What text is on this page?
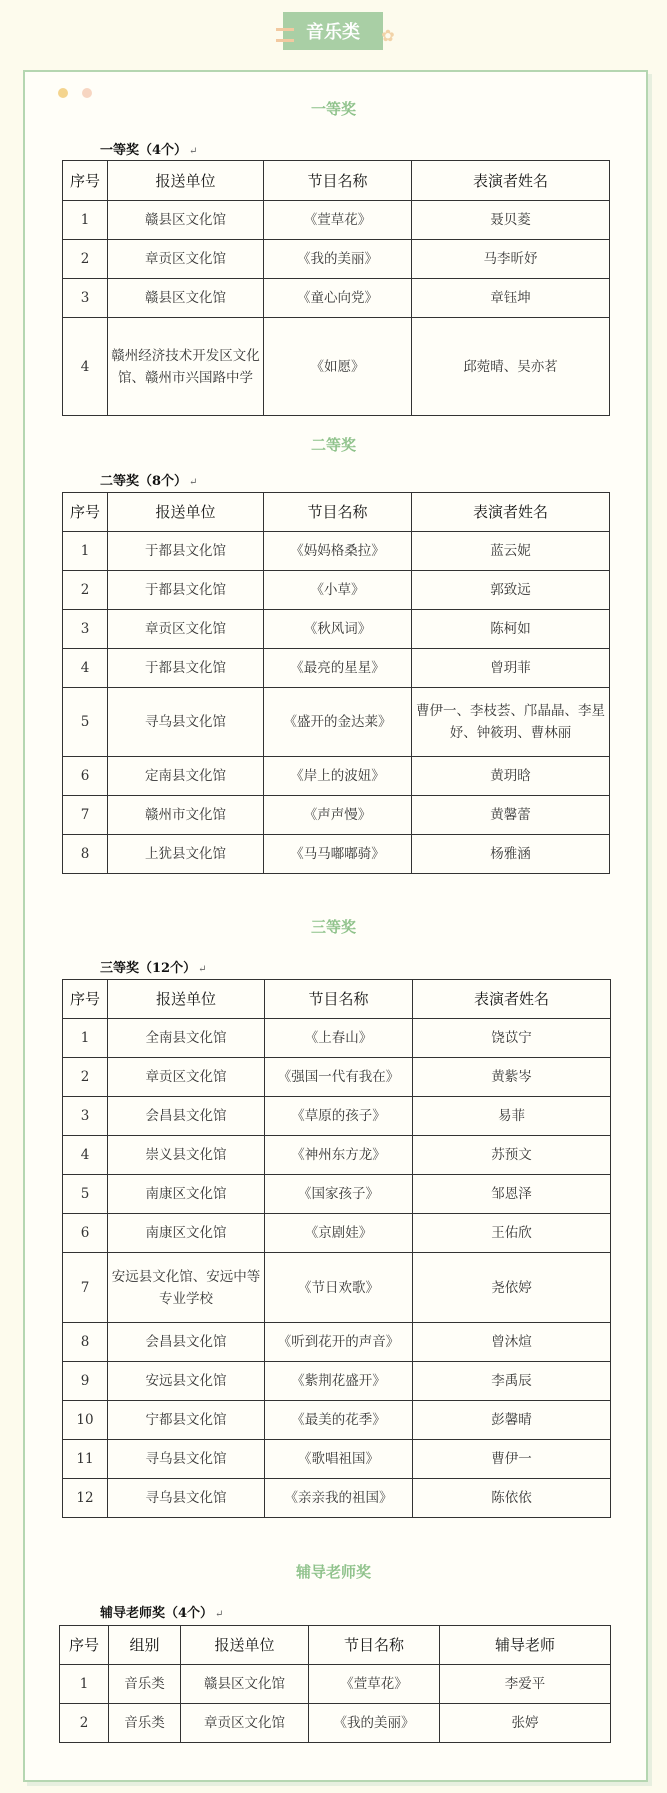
音乐类 ✿
一等奖
一等奖（4个） ↵
序号	报送单位	节目名称	表演者姓名
1	赣县区文化馆	《萱草花》	聂贝菱
2	章贡区文化馆	《我的美丽》	马李昕妤
3	赣县区文化馆	《童心向党》	章钰坤
4	赣州经济技术开发区文化馆、赣州市兴国路中学	《如愿》	邱菀晴、吴亦茗
二等奖
二等奖（8个） ↵
序号	报送单位	节目名称	表演者姓名
1	于都县文化馆	《妈妈格桑拉》	蓝云妮
2	于都县文化馆	《小草》	郭致远
3	章贡区文化馆	《秋风词》	陈柯如
4	于都县文化馆	《最亮的星星》	曾玥菲
5	寻乌县文化馆	《盛开的金达莱》	曹伊一、李枝荟、邝晶晶、李星妤、钟筱玥、曹林丽
6	定南县文化馆	《岸上的波妞》	黄玥晗
7	赣州市文化馆	《声声慢》	黄馨蕾
8	上犹县文化馆	《马马嘟嘟骑》	杨雅涵
三等奖
三等奖（12个） ↵
序号	报送单位	节目名称	表演者姓名
1	全南县文化馆	《上春山》	饶苡宁
2	章贡区文化馆	《强国一代有我在》	黄紫岑
3	会昌县文化馆	《草原的孩子》	易菲
4	崇义县文化馆	《神州东方龙》	苏预文
5	南康区文化馆	《国家孩子》	邹恩泽
6	南康区文化馆	《京剧娃》	王佑欣
7	安远县文化馆、安远中等专业学校	《节日欢歌》	尧依婷
8	会昌县文化馆	《听到花开的声音》	曾沐煊
9	安远县文化馆	《紫荆花盛开》	李禹辰
10	宁都县文化馆	《最美的花季》	彭馨晴
11	寻乌县文化馆	《歌唱祖国》	曹伊一
12	寻乌县文化馆	《亲亲我的祖国》	陈依依
辅导老师奖
辅导老师奖（4个） ↵
序号	组别	报送单位	节目名称	辅导老师
1	音乐类	赣县区文化馆	《萱草花》	李爱平
2	音乐类	章贡区文化馆	《我的美丽》	张婷
